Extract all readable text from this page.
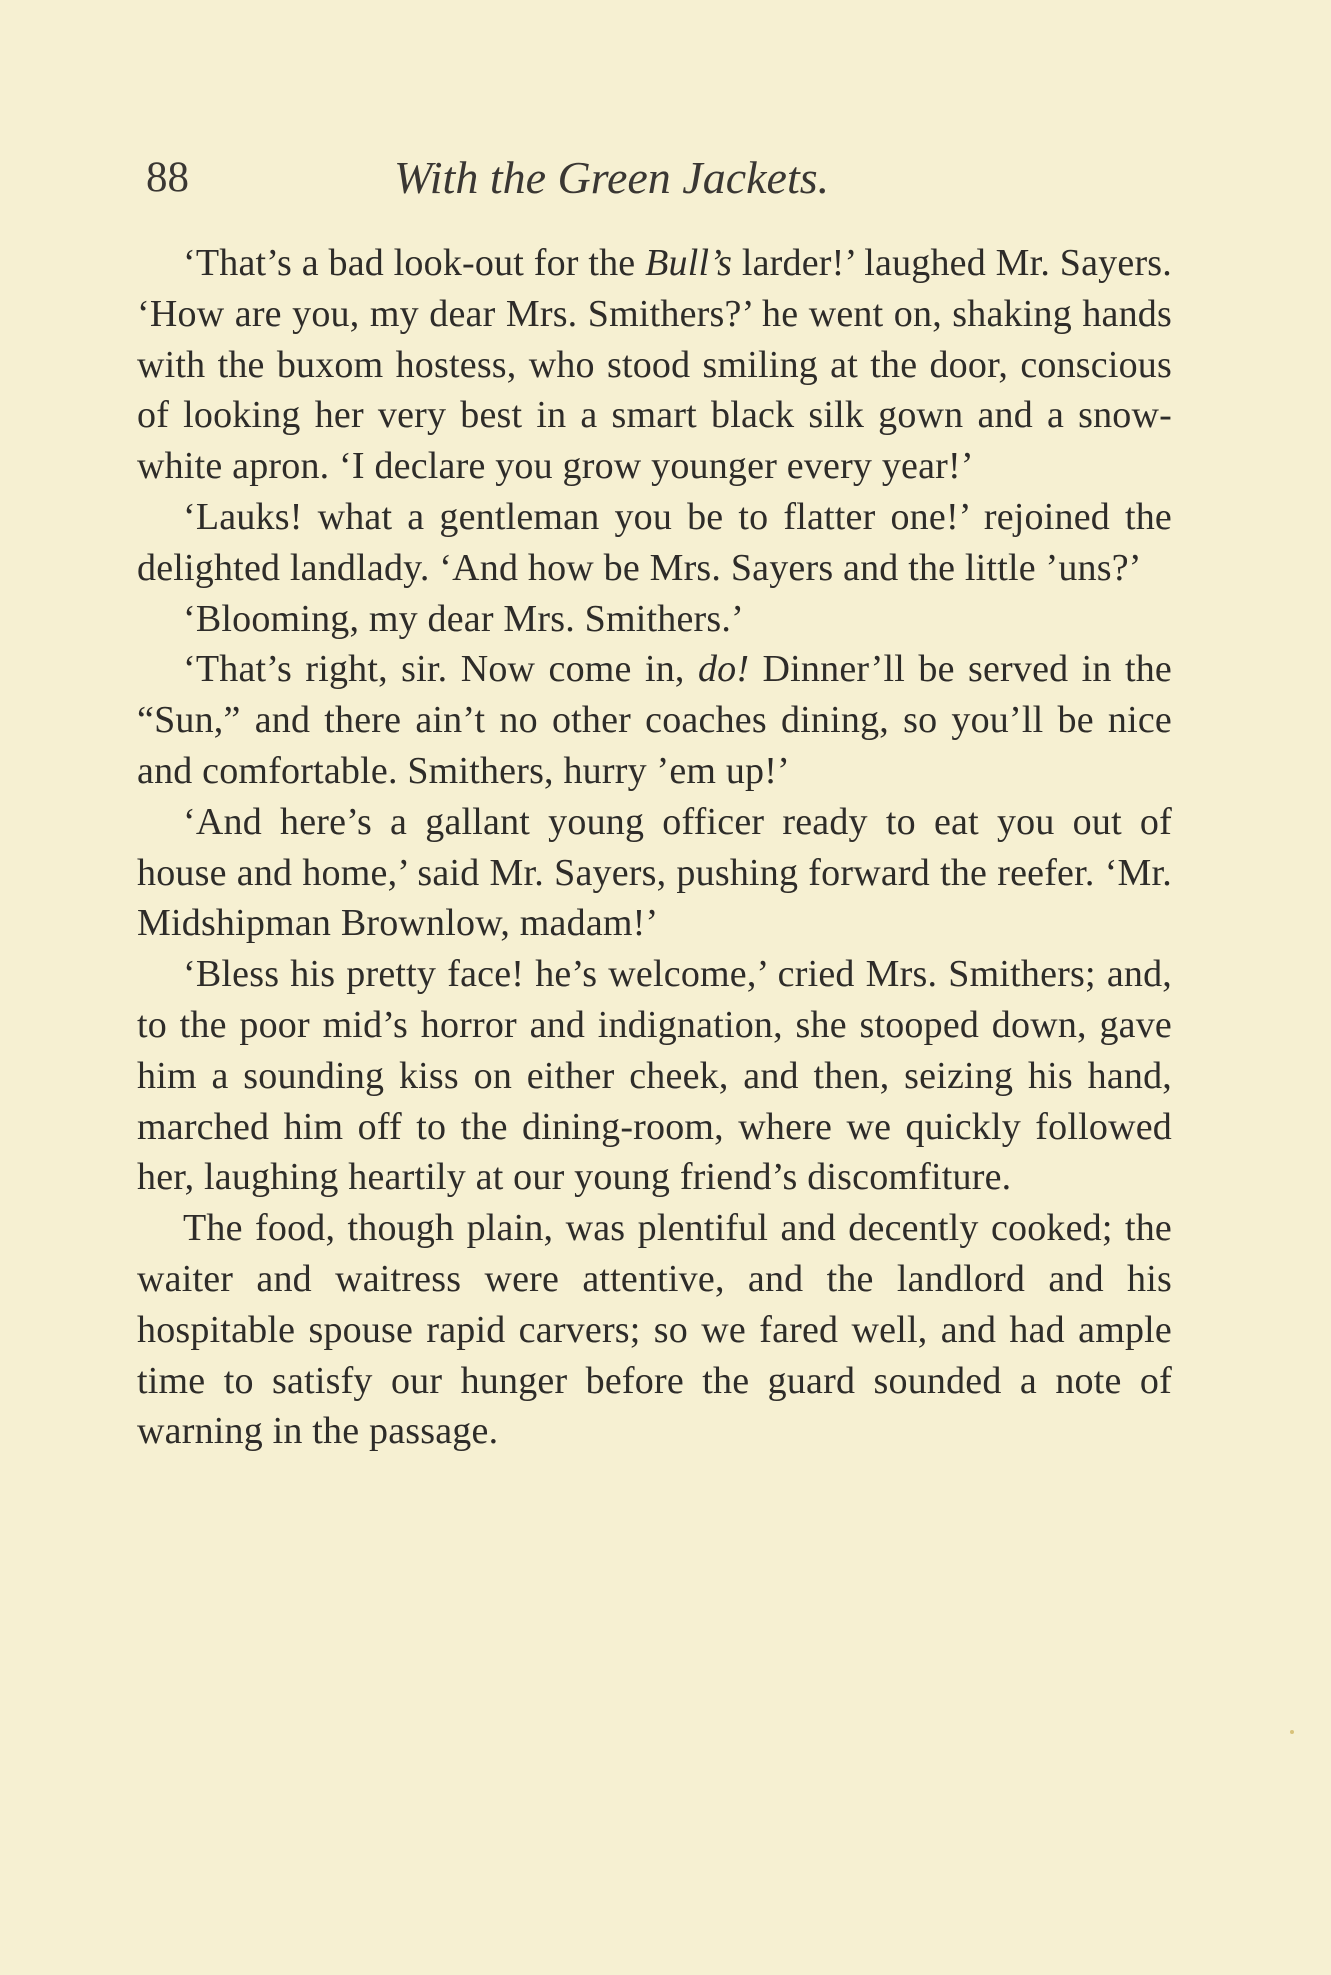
88	With the Green Jackets.

‘That’s a bad look-out for the Bull’s larder!’ laughed Mr. Sayers. ‘How are you, my dear Mrs. Smithers?’ he went on, shaking hands with the buxom hostess, who stood smiling at the door, conscious of looking her very best in a smart black silk gown and a snow-white apron. ‘I declare you grow younger every year!’

‘Lauks! what a gentleman you be to flatter one!’ rejoined the delighted landlady. ‘And how be Mrs. Sayers and the little ’uns?’

‘Blooming, my dear Mrs. Smithers.’

‘That’s right, sir. Now come in, do! Dinner’ll be served in the “Sun,” and there ain’t no other coaches dining, so you’ll be nice and comfortable. Smithers, hurry ’em up!’

‘And here’s a gallant young officer ready to eat you out of house and home,’ said Mr. Sayers, pushing forward the reefer. ‘Mr. Midshipman Brownlow, madam!’

‘Bless his pretty face! he’s welcome,’ cried Mrs. Smithers; and, to the poor mid’s horror and indignation, she stooped down, gave him a sounding kiss on either cheek, and then, seizing his hand, marched him off to the dining-room, where we quickly followed her, laughing heartily at our young friend’s discomfiture.

The food, though plain, was plentiful and decently cooked; the waiter and waitress were attentive, and the landlord and his hospitable spouse rapid carvers; so we fared well, and had ample time to satisfy our hunger before the guard sounded a note of warning in the passage.
